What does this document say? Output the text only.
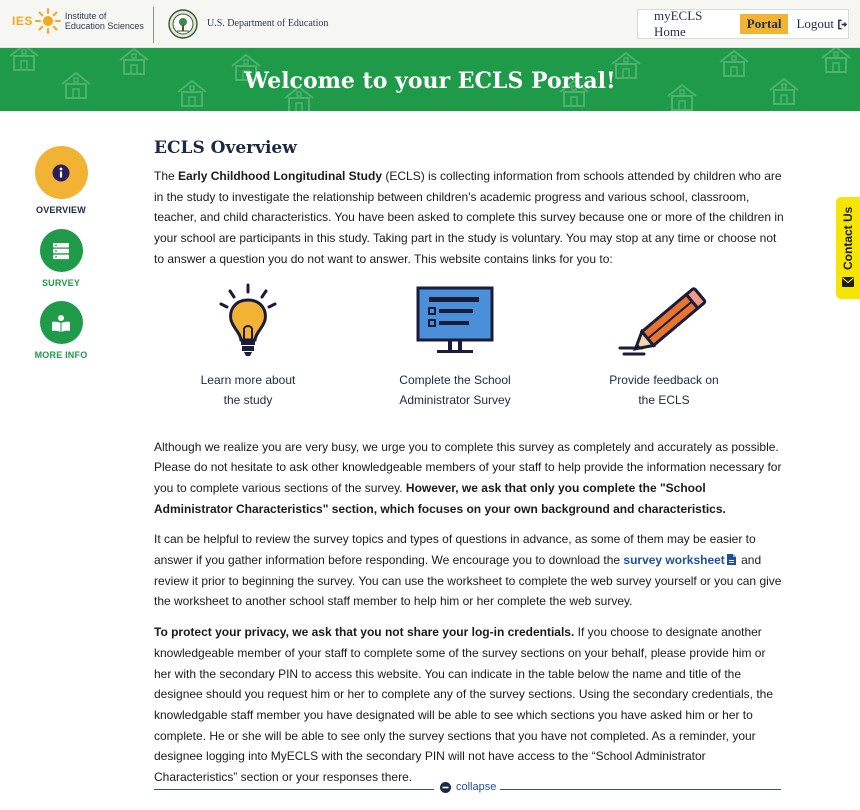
IES	Institute of
Education Sciences	U.S. Department of Education
myECLS Home
Portal	Logout
Welcome to your ECLS Portal!
OVERVIEW
SURVEY
MORE INFO
Contact Us
ECLS Overview

The Early Childhood Longitudinal Study (ECLS) is collecting information from schools attended by children who are in the study to investigate the relationship between children's academic progress and various school, classroom, teacher, and child characteristics. You have been asked to complete this survey because one or more of the children in your school are participants in this study. Taking part in the study is voluntary. You may stop at any time or choose not to answer a question you do not want to answer. This website contains links for you to:

Learn more about
the study
Complete the School
Administrator Survey
Provide feedback on
the ECLS

Although we realize you are very busy, we urge you to complete this survey as completely and accurately as possible. Please do not hesitate to ask other knowledgeable members of your staff to help provide the information necessary for you to complete various sections of the survey. However, we ask that only you complete the "School Administrator Characteristics" section, which focuses on your own background and characteristics.

It can be helpful to review the survey topics and types of questions in advance, as some of them may be easier to answer if you gather information before responding. We encourage you to download the survey worksheet and review it prior to beginning the survey. You can use the worksheet to complete the web survey yourself or you can give the worksheet to another school staff member to help him or her complete the web survey.

To protect your privacy, we ask that you not share your log-in credentials. If you choose to designate another knowledgeable member of your staff to complete some of the survey sections on your behalf, please provide him or her with the secondary PIN to access this website. You can indicate in the table below the name and title of the designee should you request him or her to complete any of the survey sections. Using the secondary credentials, the knowledgable staff member you have designated will be able to see which sections you have asked him or her to complete. He or she will be able to see only the survey sections that you have not completed. As a reminder, your designee logging into MyECLS with the secondary PIN will not have access to the “School Administrator Characteristics” section or your responses there.

collapse
